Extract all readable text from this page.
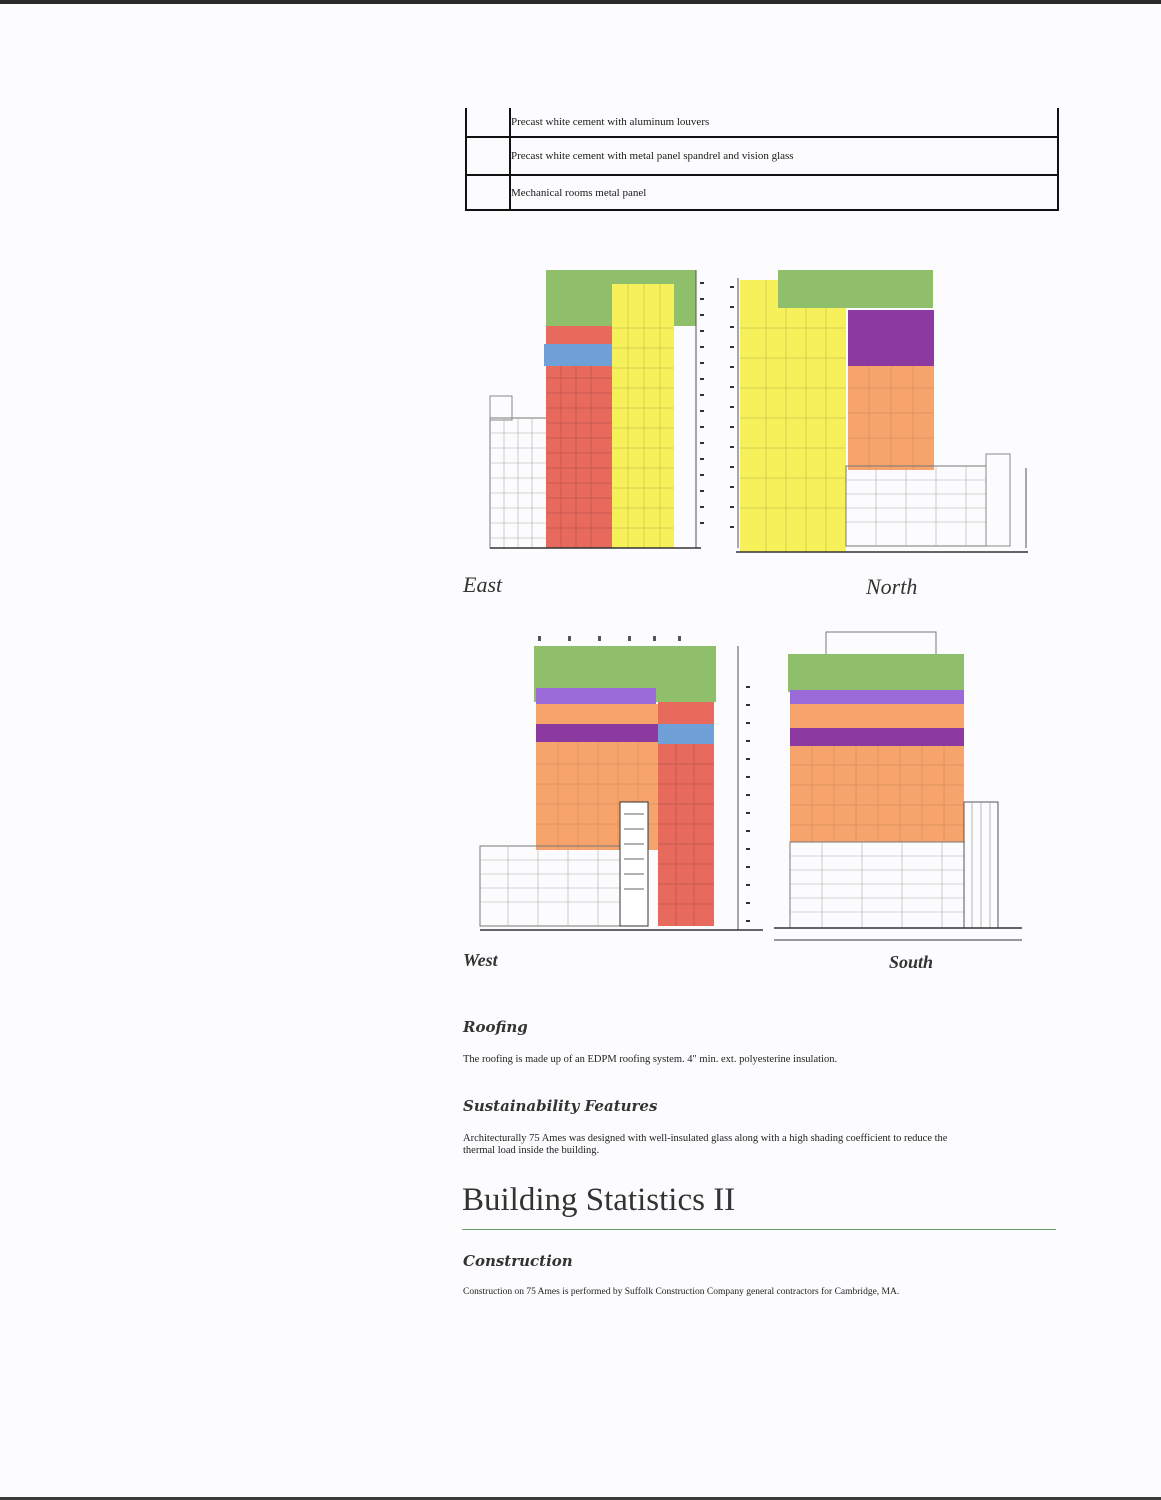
Precast white cement with aluminum louvers
Precast white cement with metal panel spandrel and vision glass
Mechanical rooms metal panel
East	North
West	South
Roofing
The roofing is made up of an EDPM roofing system. 4" min. ext. polyesterine insulation.
Sustainability Features
Architecturally 75 Ames was designed with well-insulated glass along with a high shading coefficient to reduce the
thermal load inside the building.
Building Statistics II
Construction
Construction on 75 Ames is performed by Suffolk Construction Company general contractors for Cambridge, MA.
